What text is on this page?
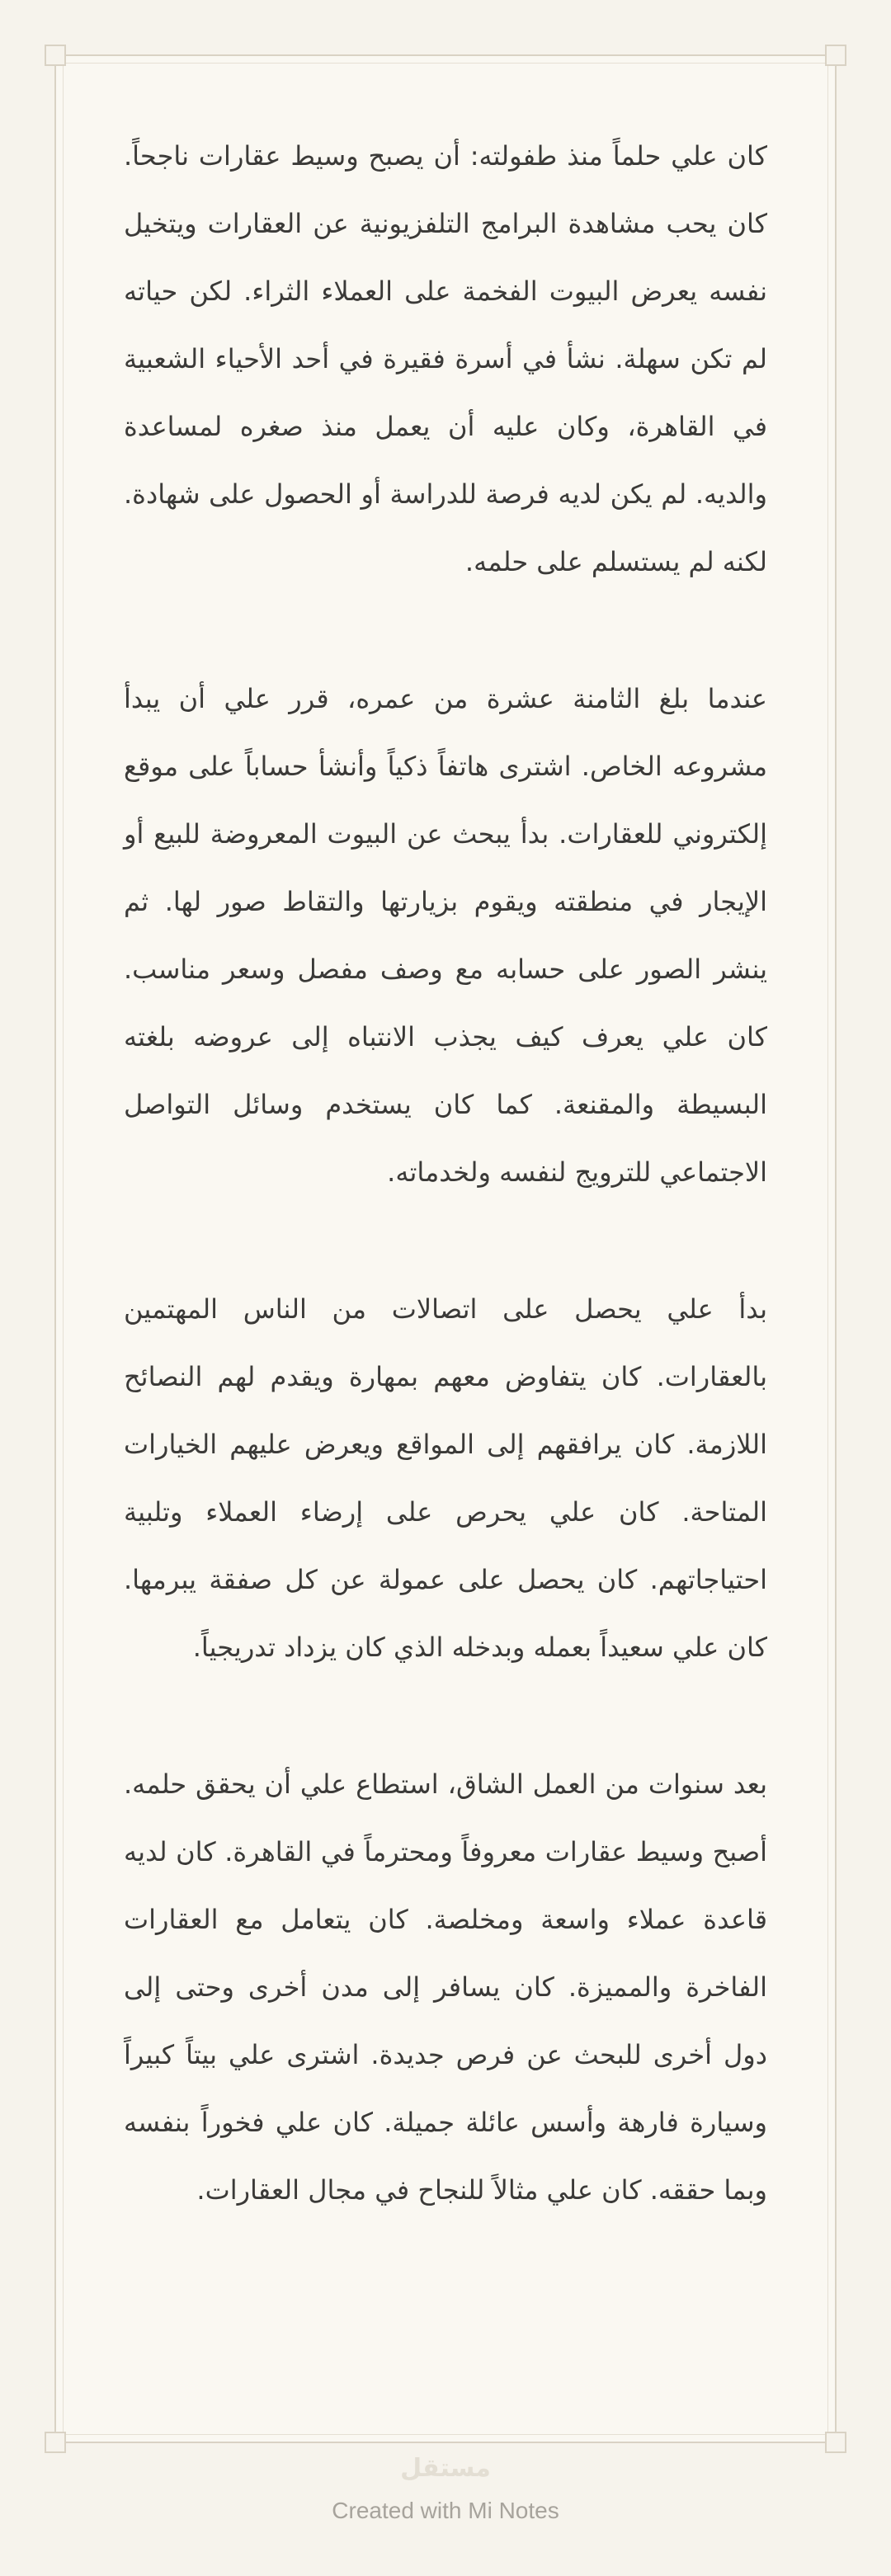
كان علي حلماً منذ طفولته: أن يصبح وسيط عقارات ناجحاً. كان يحب مشاهدة البرامج التلفزيونية عن العقارات ويتخيل نفسه يعرض البيوت الفخمة على العملاء الثراء. لكن حياته لم تكن سهلة. نشأ في أسرة فقيرة في أحد الأحياء الشعبية في القاهرة، وكان عليه أن يعمل منذ صغره لمساعدة والديه. لم يكن لديه فرصة للدراسة أو الحصول على شهادة. لكنه لم يستسلم على حلمه.

عندما بلغ الثامنة عشرة من عمره، قرر علي أن يبدأ مشروعه الخاص. اشترى هاتفاً ذكياً وأنشأ حساباً على موقع إلكتروني للعقارات. بدأ يبحث عن البيوت المعروضة للبيع أو الإيجار في منطقته ويقوم بزيارتها والتقاط صور لها. ثم ينشر الصور على حسابه مع وصف مفصل وسعر مناسب. كان علي يعرف كيف يجذب الانتباه إلى عروضه بلغته البسيطة والمقنعة. كما كان يستخدم وسائل التواصل الاجتماعي للترويج لنفسه ولخدماته.

بدأ علي يحصل على اتصالات من الناس المهتمين بالعقارات. كان يتفاوض معهم بمهارة ويقدم لهم النصائح اللازمة. كان يرافقهم إلى المواقع ويعرض عليهم الخيارات المتاحة. كان علي يحرص على إرضاء العملاء وتلبية احتياجاتهم. كان يحصل على عمولة عن كل صفقة يبرمها. كان علي سعيداً بعمله وبدخله الذي كان يزداد تدريجياً.

بعد سنوات من العمل الشاق، استطاع علي أن يحقق حلمه. أصبح وسيط عقارات معروفاً ومحترماً في القاهرة. كان لديه قاعدة عملاء واسعة ومخلصة. كان يتعامل مع العقارات الفاخرة والمميزة. كان يسافر إلى مدن أخرى وحتى إلى دول أخرى للبحث عن فرص جديدة. اشترى علي بيتاً كبيراً وسيارة فارهة وأسس عائلة جميلة. كان علي فخوراً بنفسه وبما حققه. كان علي مثالاً للنجاح في مجال العقارات.

مستقل
Created with Mi Notes
